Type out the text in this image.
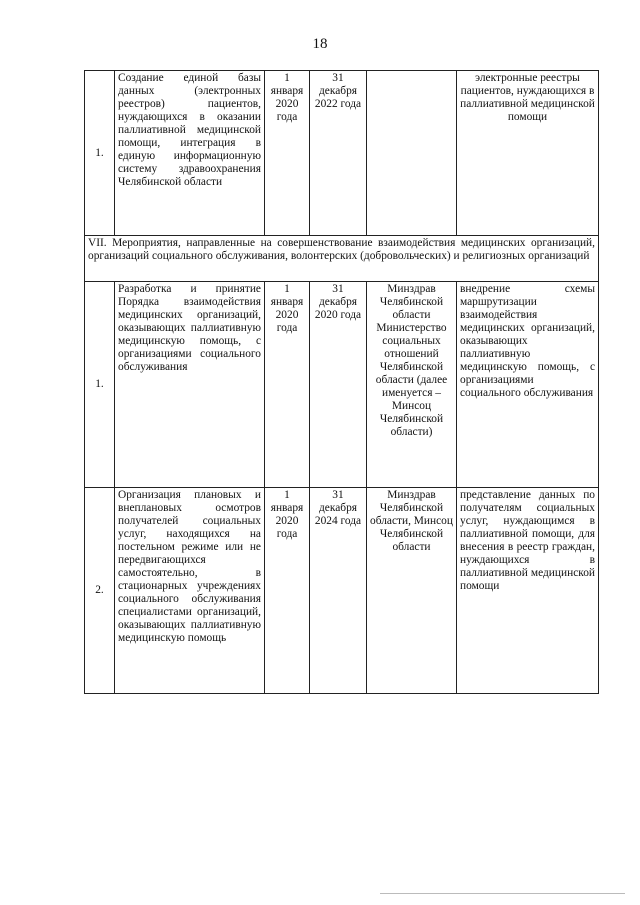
18
1.	Создание единой базы данных (электронных реестров) пациентов, нуждающихся в оказании паллиативной медицинской помощи, интеграция в единую информационную систему здравоохранения Челябинской области	1 января 2020 года	31 декабря 2022 года		электронные реестры пациентов, нуждающихся в паллиативной медицинской помощи
VII. Мероприятия, направленные на совершенствование взаимодействия медицинских организаций, организаций социального обслуживания, волонтерских (добровольческих) и религиозных организаций					
1.	Разработка и принятие Порядка взаимодействия медицинских организаций, оказывающих паллиативную медицинскую помощь, с организациями социального обслуживания	1 января 2020 года	31 декабря 2020 года	Минздрав Челябинской области Министерство социальных отношений Челябинской области (далее именуется – Минсоц Челябинской области)	внедрение схемы маршрутизации взаимодействия медицинских организаций, оказывающих паллиативную медицинскую помощь, с организациями социального обслуживания
2.	Организация плановых и внеплановых осмотров получателей социальных услуг, находящихся на постельном режиме или не передвигающихся самостоятельно, в стационарных учреждениях социального обслуживания специалистами организаций, оказывающих паллиативную медицинскую помощь	1 января 2020 года	31 декабря 2024 года	Минздрав Челябинской области, Минсоц Челябинской области	представление данных по получателям социальных услуг, нуждающимся в паллиативной помощи, для внесения в реестр граждан, нуждающихся в паллиативной медицинской помощи
